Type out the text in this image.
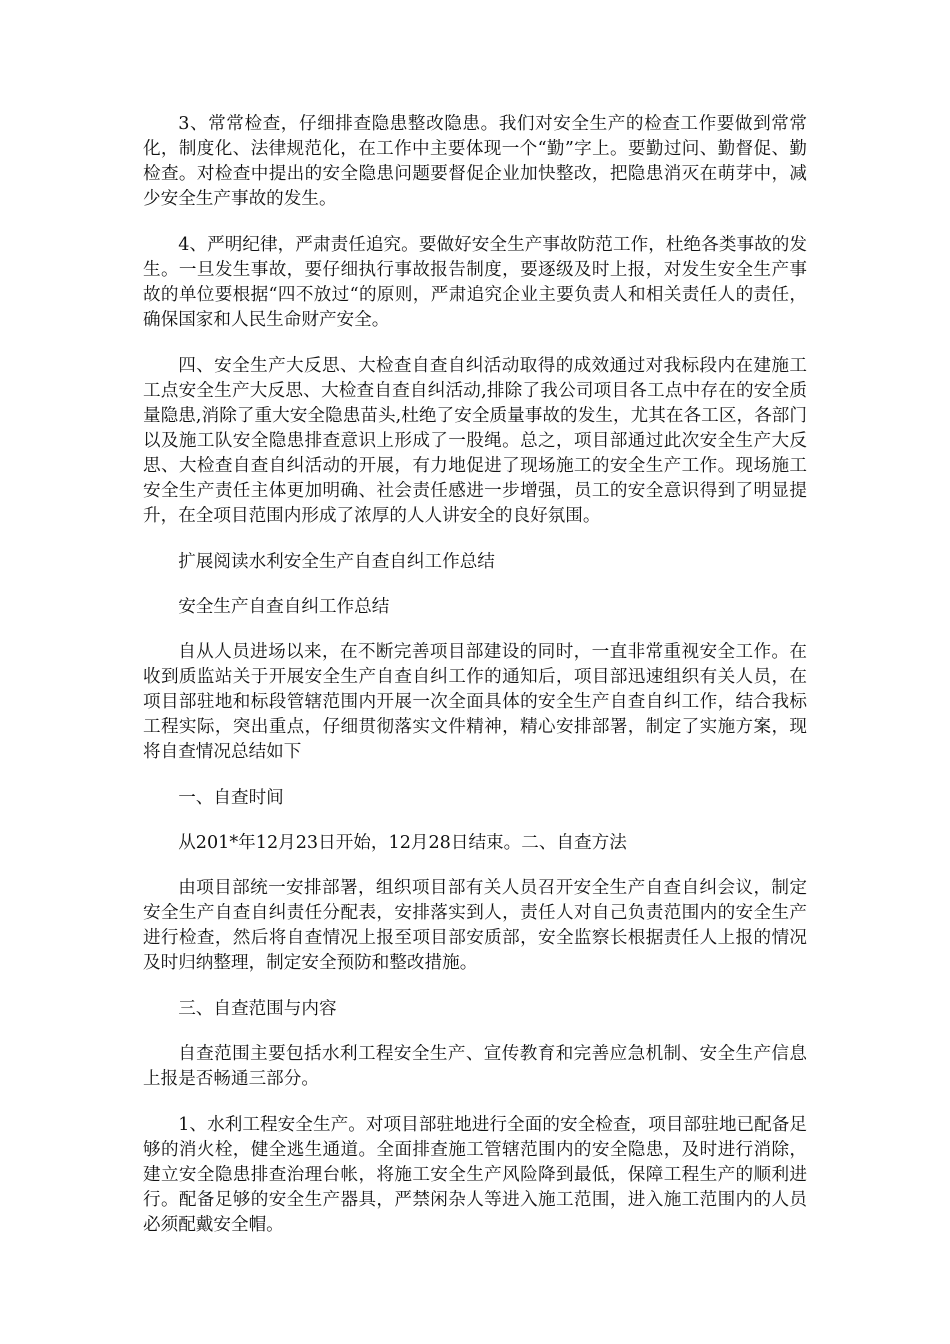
3、常常检查，仔细排查隐患整改隐患。我们对安全生产的检查工作要做到常常化，制度化、法律规范化，在工作中主要体现一个“勤”字上。要勤过问、勤督促、勤检查。对检查中提出的安全隐患问题要督促企业加快整改，把隐患消灭在萌芽中，减少安全生产事故的发生。

4、严明纪律，严肃责任追究。要做好安全生产事故防范工作，杜绝各类事故的发生。一旦发生事故，要仔细执行事故报告制度，要逐级及时上报，对发生安全生产事故的单位要根据“四不放过“的原则，严肃追究企业主要负责人和相关责任人的责任，确保国家和人民生命财产安全。

四、安全生产大反思、大检查自查自纠活动取得的成效通过对我标段内在建施工工点安全生产大反思、大检查自查自纠活动,排除了我公司项目各工点中存在的安全质量隐患,消除了重大安全隐患苗头,杜绝了安全质量事故的发生，尤其在各工区，各部门以及施工队安全隐患排查意识上形成了一股绳。总之，项目部通过此次安全生产大反思、大检查自查自纠活动的开展，有力地促进了现场施工的安全生产工作。现场施工安全生产责任主体更加明确、社会责任感进一步增强，员工的安全意识得到了明显提升，在全项目范围内形成了浓厚的人人讲安全的良好氛围。

扩展阅读水利安全生产自查自纠工作总结

安全生产自查自纠工作总结

自从人员进场以来，在不断完善项目部建设的同时，一直非常重视安全工作。在收到质监站关于开展安全生产自查自纠工作的通知后，项目部迅速组织有关人员，在项目部驻地和标段管辖范围内开展一次全面具体的安全生产自查自纠工作，结合我标工程实际，突出重点，仔细贯彻落实文件精神，精心安排部署，制定了实施方案，现将自查情况总结如下

一、自查时间

从201*年12月23日开始，12月28日结束。二、自查方法

由项目部统一安排部署，组织项目部有关人员召开安全生产自查自纠会议，制定安全生产自查自纠责任分配表，安排落实到人，责任人对自己负责范围内的安全生产进行检查，然后将自查情况上报至项目部安质部，安全监察长根据责任人上报的情况及时归纳整理，制定安全预防和整改措施。

三、自查范围与内容

自查范围主要包括水利工程安全生产、宣传教育和完善应急机制、安全生产信息上报是否畅通三部分。

1、水利工程安全生产。对项目部驻地进行全面的安全检查，项目部驻地已配备足够的消火栓，健全逃生通道。全面排查施工管辖范围内的安全隐患，及时进行消除，建立安全隐患排查治理台帐，将施工安全生产风险降到最低，保障工程生产的顺利进行。配备足够的安全生产器具，严禁闲杂人等进入施工范围，进入施工范围内的人员必须配戴安全帽。
